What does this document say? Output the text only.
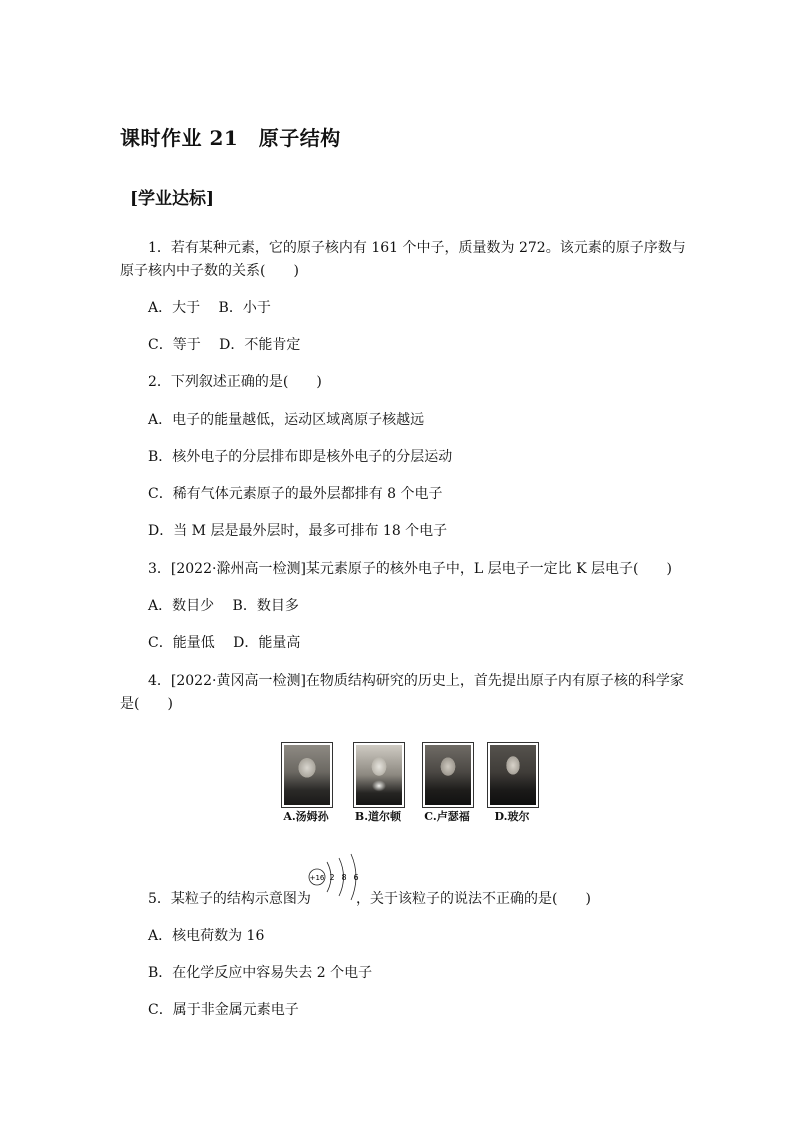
课时作业 21　原子结构
[学业达标]
1．若有某种元素，它的原子核内有 161 个中子，质量数为 272。该元素的原子序数与
原子核内中子数的关系(　　)
A．大于　 B．小于
C．等于　 D．不能肯定
2．下列叙述正确的是(　　)
A．电子的能量越低，运动区域离原子核越远
B．核外电子的分层排布即是核外电子的分层运动
C．稀有气体元素原子的最外层都排有 8 个电子
D．当 M 层是最外层时，最多可排布 18 个电子
3．[2022·滁州高一检测]某元素原子的核外电子中，L 层电子一定比 K 层电子(　　)
A．数目少　 B．数目多
C．能量低　 D．能量高
4．[2022·黄冈高一检测]在物质结构研究的历史上，首先提出原子内有原子核的科学家
是(　　)
A.汤姆孙	B.道尔顿	C.卢瑟福	D.玻尔
5．某粒子的结构示意图为
+16 2 8 6
，关于该粒子的说法不正确的是(　　)
A．核电荷数为 16
B．在化学反应中容易失去 2 个电子
C．属于非金属元素电子
